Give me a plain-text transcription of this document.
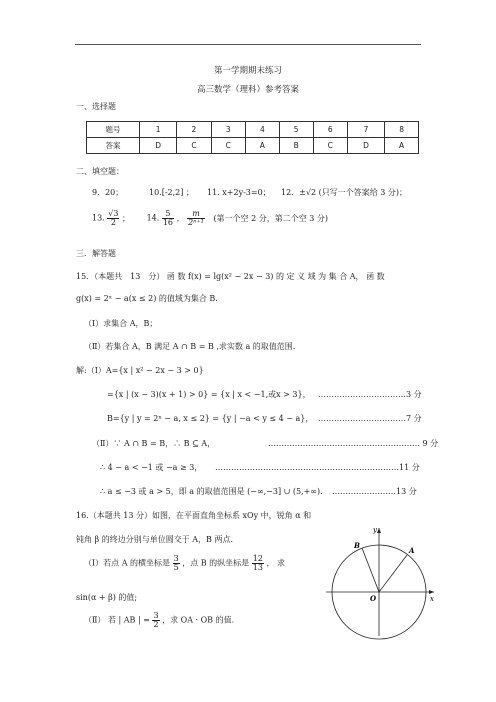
第一学期期末练习
高三数学（理科）参考答案
一、选择题
题号	1	2	3	4	5	6	7	8
答案	D	C	C	A	B	C	D	A
二、填空题：
9．20；	10.[-2,2] ； 11. x+2y-3=0； 12．±√2 (只写一个答案给 3 分)；
13. $\frac{√3}{2}$ ； 14. $\frac{5}{16}$ ， $\frac{m}{\text{2ⁿ⁺¹}}$ (第一个空 2 分，第二个空 3 分)
三．解答题
15．（本题共　13　分） 函 数 f(x) = lg(x² − 2x − 3) 的 定 义 域 为 集 合 A， 函 数
g(x) = 2ˣ − a(x ≤ 2) 的值域为集合 B.
（Ⅰ）求集合 A，B；
（Ⅱ）若集合 A，B 满足 A ∩ B = B ,求实数 a 的取值范围.
解:（Ⅰ）A={x | x² − 2x − 3 > 0}
={x | (x − 3)(x + 1) > 0} = {x | x < −1,或x > 3}， ……………………………3 分
B={y | y = 2ˣ − a, x ≤ 2} = {y | −a < y ≤ 4 − a}， ……………………………7 分
（Ⅱ）∵ A ∩ B = B，∴ B ⊆ A，	………………………………………………… 9 分
∴ 4 − a < −1 或 −a ≥ 3， ……………………………………………………………11 分
∴ a ≤ −3 或 a > 5，即 a 的取值范围是 (−∞,−3] ∪ (5,+∞)． ……………………13 分
16.（本题共 13 分）如图，在平面直角坐标系 xOy 中，锐角 α 和
钝角 β 的终边分别与单位圆交于 A，B 两点.
（Ⅰ）若点 A 的横坐标是 $\frac{3}{5}$ ，点 B 的纵坐标是 $\frac{12}{13}$ ， 求
sin(α + β) 的值;
（Ⅱ） 若 | AB | = $\frac{3}{2}$ ，求 OA · OB 的值.
y
x
B
A
O
